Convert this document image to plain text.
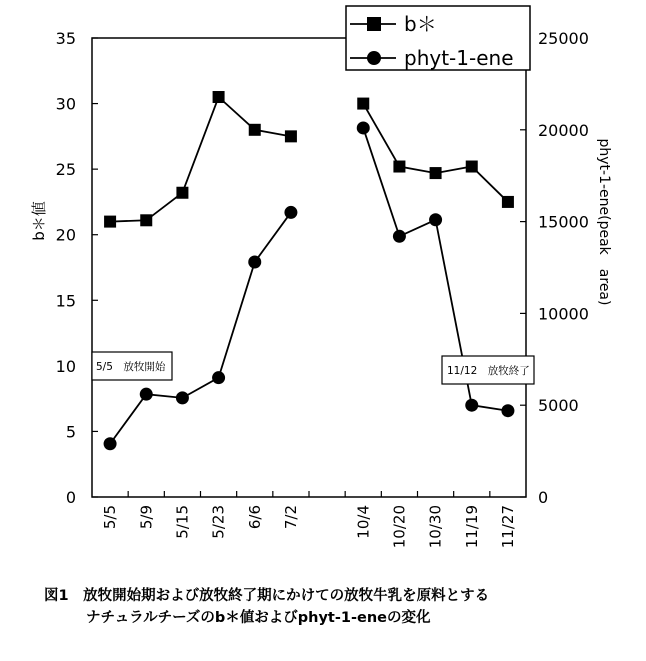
0
5
10
15
20
25
30
35
0
5000
10000
15000
20000
25000
5/5 5/9 5/15 5/23 6/6 7/2	10/4 10/20 10/30 11/19 11/27
5/5　放牧開始	11/12　放牧終了
b＊
phyt-1-ene
b＊値	phyt-1-ene(peak　area)
図1　放牧開始期および放牧終了期にかけての放牧牛乳を原料とする
ナチュラルチーズのb＊値およびphyt-1-eneの変化
